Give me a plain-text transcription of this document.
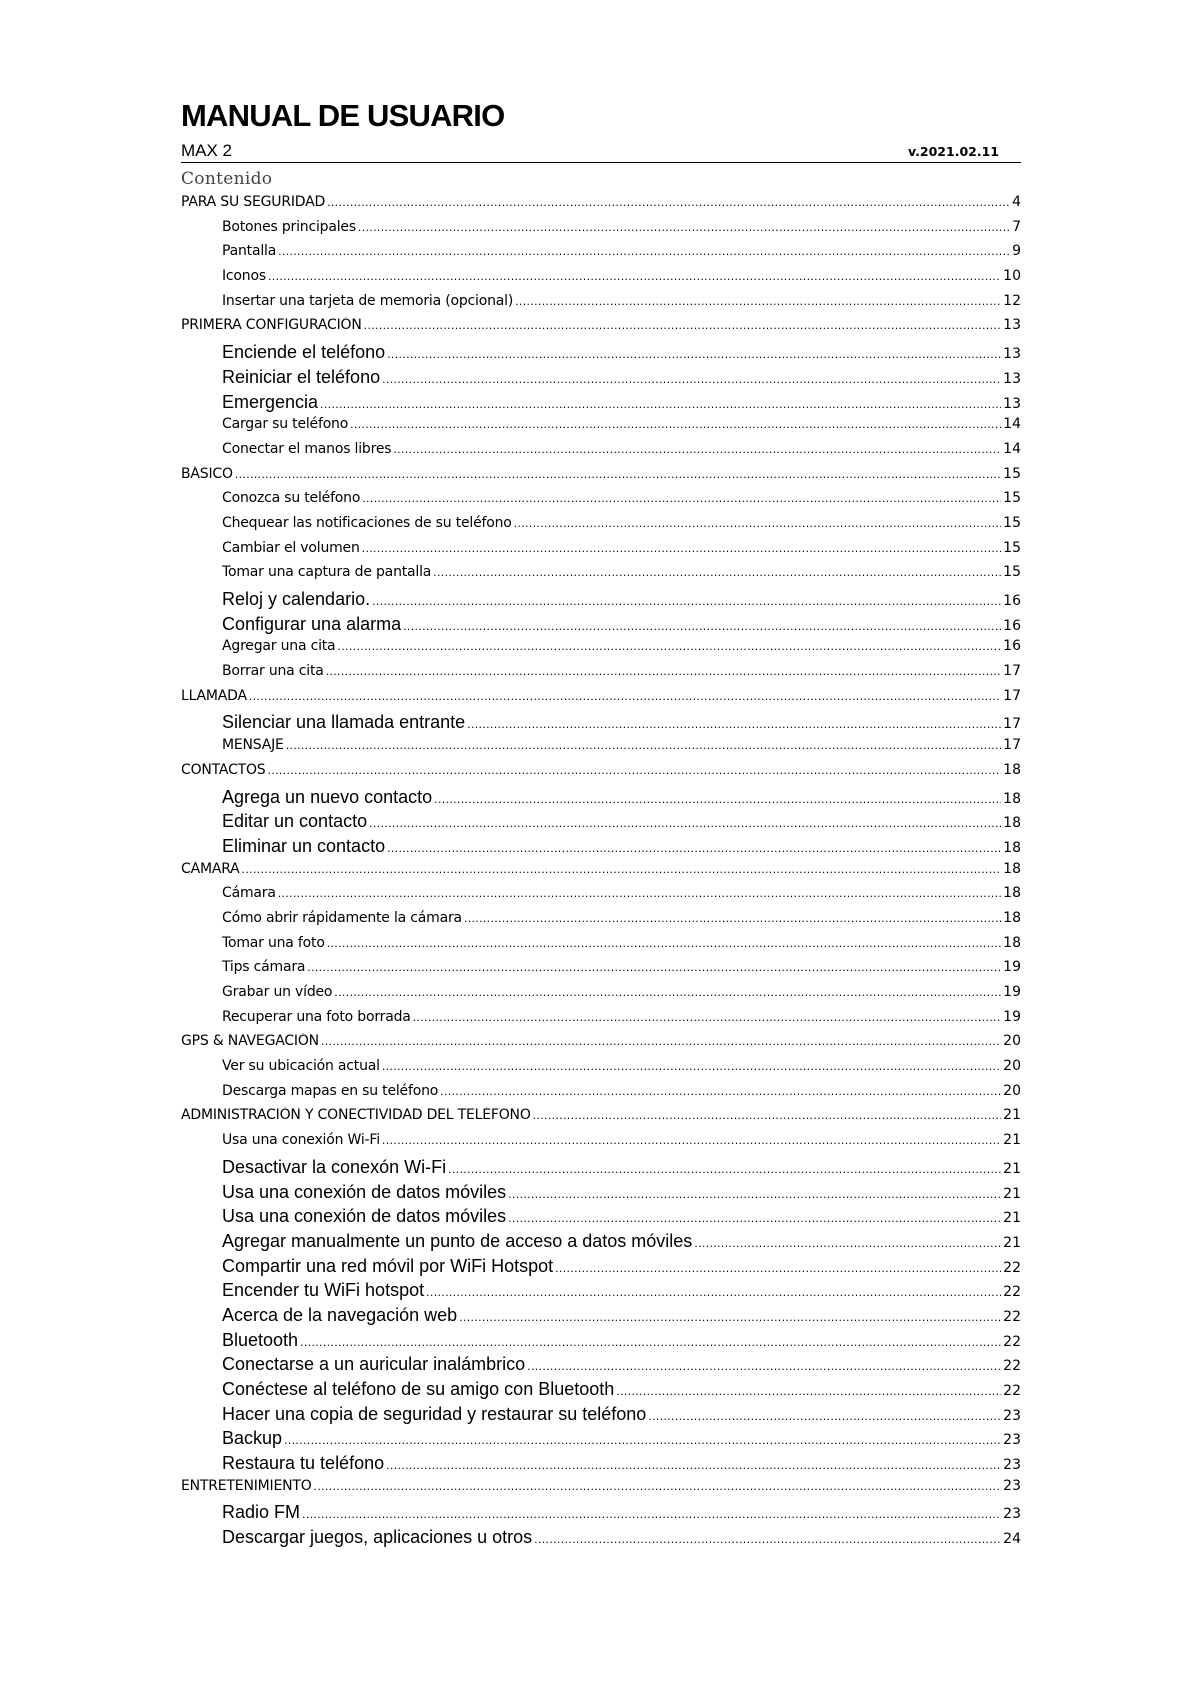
MANUAL DE USUARIO
MAX 2	v.2021.02.11
Contenido
PARA SU SEGURIDAD . . .	4
Botones principales . . .	7
Pantalla . . .	9
Iconos . . .	10
Insertar una tarjeta de memoria (opcional) . . .	12
PRIMERA CONFIGURACIÓN . . .	13
Enciende el teléfono . . .	13
Reiniciar el teléfono . . .	13
Emergencia . . .	13
Cargar su teléfono . . .	14
Conectar el manos libres . . .	14
BÁSICO . . .	15
Conozca su teléfono . . .	15
Chequear las notificaciones de su teléfono . . .	15
Cambiar el volumen . . .	15
Tomar una captura de pantalla . . .	15
Reloj y calendario. . . .	16
Configurar una alarma . . .	16
Agregar una cita . . .	16
Borrar una cita . . .	17
LLAMADA . . .	17
Silenciar una llamada entrante . . .	17
MENSAJE . . .	17
CONTACTOS . . .	18
Agrega un nuevo contacto . . .	18
Editar un contacto . . .	18
Eliminar un contacto . . .	18
CÁMARA . . .	18
Cámara . . .	18
Cómo abrir rápidamente la cámara . . .	18
Tomar una foto . . .	18
Tips cámara . . .	19
Grabar un vídeo . . .	19
Recuperar una foto borrada . . .	19
GPS & NAVEGACIÓN . . .	20
Ver su ubicación actual . . .	20
Descarga mapas en su teléfono . . .	20
ADMINISTRACIÓN Y CONECTIVIDAD DEL TELÉFONO . . .	21
Usa una conexión Wi-Fi . . .	21
Desactivar la conexón Wi-Fi . . .	21
Usa una conexión de datos móviles . . .	21
Usa una conexión de datos móviles . . .	21
Agregar manualmente un punto de acceso a datos móviles . . .	21
Compartir una red móvil por WiFi Hotspot . . .	22
Encender tu WiFi hotspot . . .	22
Acerca de la navegación web . . .	22
Bluetooth . . .	22
Conectarse a un auricular inalámbrico . . .	22
Conéctese al teléfono de su amigo con Bluetooth . . .	22
Hacer una copia de seguridad y restaurar su teléfono . . .	23
Backup . . .	23
Restaura tu teléfono . . .	23
ENTRETENIMIENTO . . .	23
Radio FM . . .	23
Descargar juegos, aplicaciones u otros . . .	24
